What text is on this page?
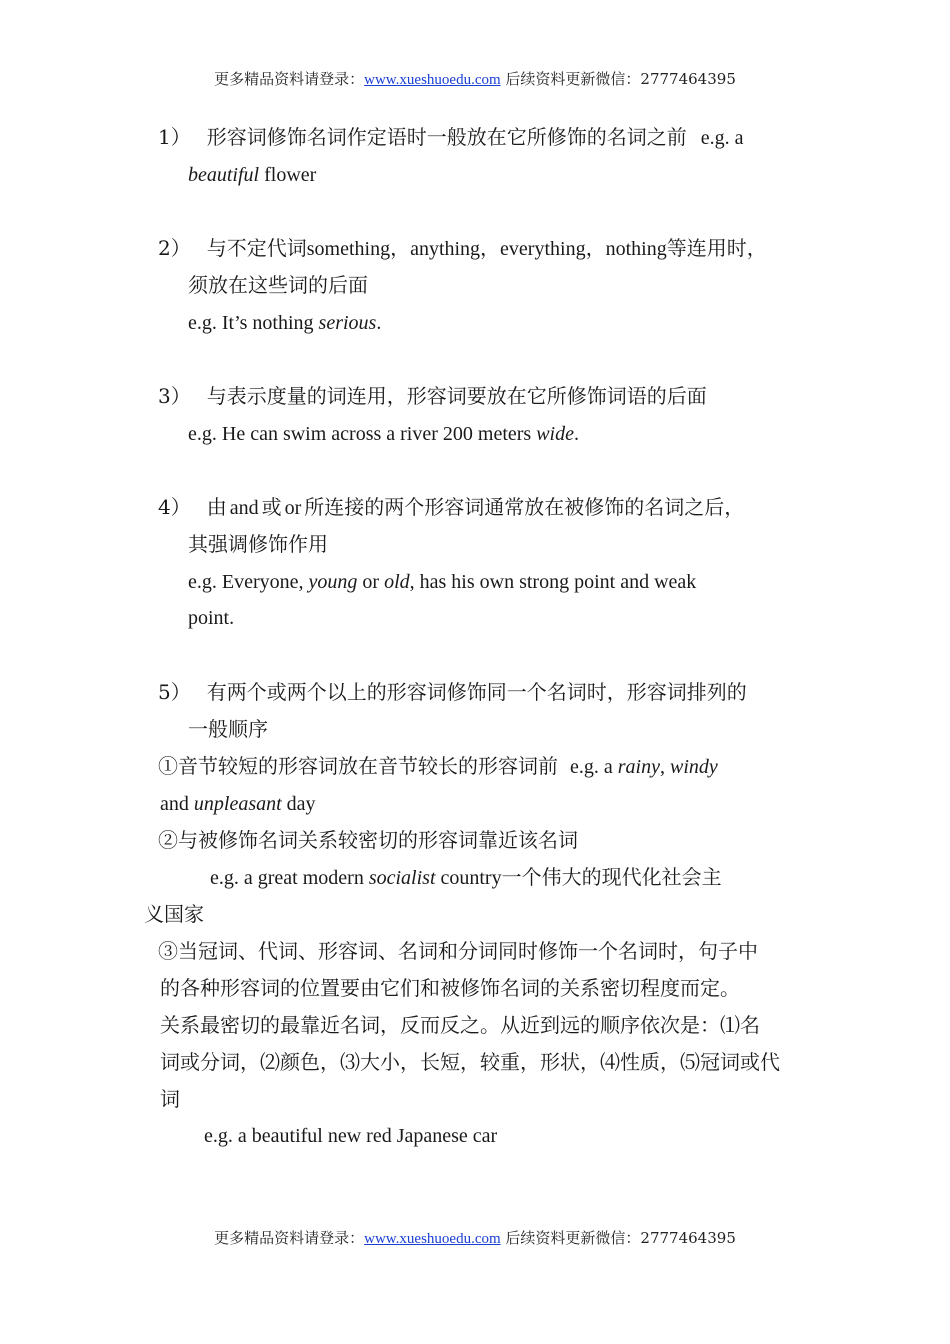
更多精品资料请登录：www.xueshuoedu.com 后续资料更新微信：2777464395
1） 形容词修饰名词作定语时一般放在它所修饰的名词之前 e.g. a
beautiful flower
2） 与不定代词something，anything，everything，nothing等连用时，
须放在这些词的后面
e.g. It’s nothing serious.
3） 与表示度量的词连用，形容词要放在它所修饰词语的后面
e.g. He can swim across a river 200 meters wide.
4） 由 and 或 or 所连接的两个形容词通常放在被修饰的名词之后，
其强调修饰作用
e.g. Everyone, young or old, has his own strong point and weak
point.
5） 有两个或两个以上的形容词修饰同一个名词时，形容词排列的
一般顺序
①音节较短的形容词放在音节较长的形容词前 e.g. a rainy, windy
and unpleasant day
②与被修饰名词关系较密切的形容词靠近该名词
e.g. a great modern socialist country一个伟大的现代化社会主
义国家
③当冠词、代词、形容词、名词和分词同时修饰一个名词时，句子中
的各种形容词的位置要由它们和被修饰名词的关系密切程度而定。
关系最密切的最靠近名词，反而反之。从近到远的顺序依次是：⑴名
词或分词，⑵颜色，⑶大小，长短，较重，形状，⑷性质，⑸冠词或代
词
e.g. a beautiful new red Japanese car
更多精品资料请登录：www.xueshuoedu.com 后续资料更新微信：2777464395
